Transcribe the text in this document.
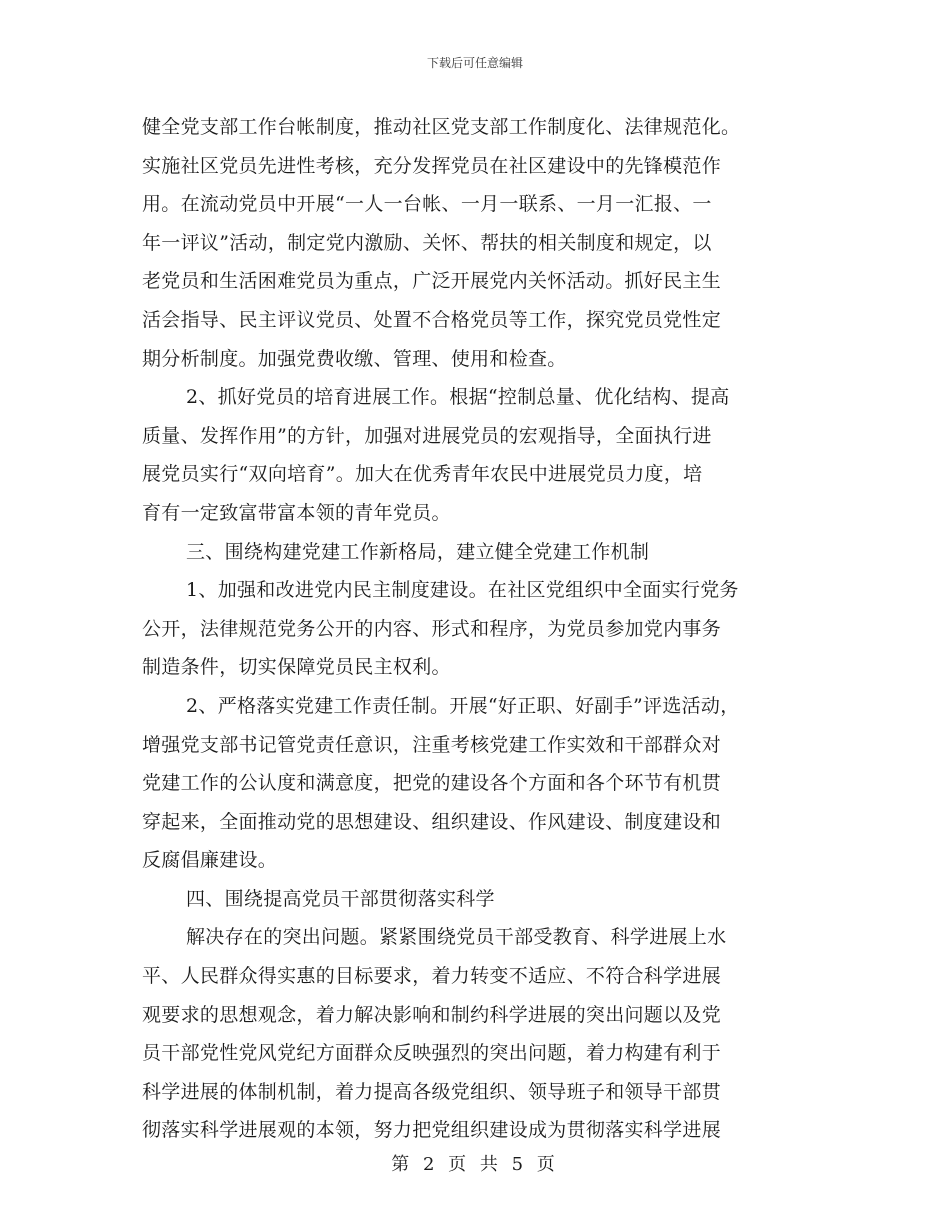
下载后可任意编辑
健全党支部工作台帐制度，推动社区党支部工作制度化、法律规范化。
实施社区党员先进性考核，充分发挥党员在社区建设中的先锋模范作
用。在流动党员中开展“一人一台帐、一月一联系、一月一汇报、一
年一评议”活动，制定党内激励、关怀、帮扶的相关制度和规定，以
老党员和生活困难党员为重点，广泛开展党内关怀活动。抓好民主生
活会指导、民主评议党员、处置不合格党员等工作，探究党员党性定
期分析制度。加强党费收缴、管理、使用和检查。
2、抓好党员的培育进展工作。根据“控制总量、优化结构、提高
质量、发挥作用”的方针，加强对进展党员的宏观指导，全面执行进
展党员实行“双向培育”。加大在优秀青年农民中进展党员力度，培
育有一定致富带富本领的青年党员。
三、围绕构建党建工作新格局，建立健全党建工作机制
1、加强和改进党内民主制度建设。在社区党组织中全面实行党务
公开，法律规范党务公开的内容、形式和程序，为党员参加党内事务
制造条件，切实保障党员民主权利。
2、严格落实党建工作责任制。开展“好正职、好副手”评选活动，
增强党支部书记管党责任意识，注重考核党建工作实效和干部群众对
党建工作的公认度和满意度，把党的建设各个方面和各个环节有机贯
穿起来，全面推动党的思想建设、组织建设、作风建设、制度建设和
反腐倡廉建设。
四、围绕提高党员干部贯彻落实科学
解决存在的突出问题。紧紧围绕党员干部受教育、科学进展上水
平、人民群众得实惠的目标要求，着力转变不适应、不符合科学进展
观要求的思想观念，着力解决影响和制约科学进展的突出问题以及党
员干部党性党风党纪方面群众反映强烈的突出问题，着力构建有利于
科学进展的体制机制，着力提高各级党组织、领导班子和领导干部贯
彻落实科学进展观的本领，努力把党组织建设成为贯彻落实科学进展
第 2 页 共 5 页
